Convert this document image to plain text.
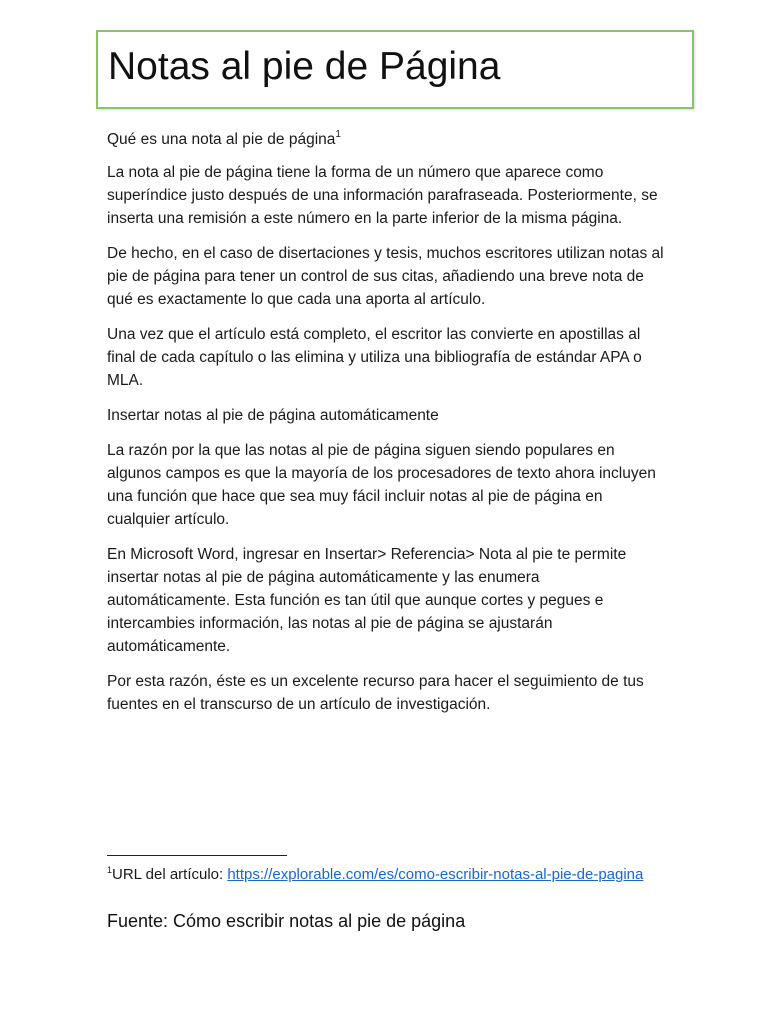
Notas al pie de Página

Qué es una nota al pie de página$^1$

La nota al pie de página tiene la forma de un número que aparece como superíndice justo después de una información parafraseada. Posteriormente, se inserta una remisión a este número en la parte inferior de la misma página.

De hecho, en el caso de disertaciones y tesis, muchos escritores utilizan notas al pie de página para tener un control de sus citas, añadiendo una breve nota de qué es exactamente lo que cada una aporta al artículo.

Una vez que el artículo está completo, el escritor las convierte en apostillas al final de cada capítulo o las elimina y utiliza una bibliografía de estándar APA o MLA.

Insertar notas al pie de página automáticamente

La razón por la que las notas al pie de página siguen siendo populares en algunos campos es que la mayoría de los procesadores de texto ahora incluyen una función que hace que sea muy fácil incluir notas al pie de página en cualquier artículo.

En Microsoft Word, ingresar en Insertar> Referencia> Nota al pie te permite insertar notas al pie de página automáticamente y las enumera automáticamente. Esta función es tan útil que aunque cortes y pegues e intercambies información, las notas al pie de página se ajustarán automáticamente.

Por esta razón, éste es un excelente recurso para hacer el seguimiento de tus fuentes en el transcurso de un artículo de investigación.

$^1$URL del artículo: https://explorable.com/es/como-escribir-notas-al-pie-de-pagina
Fuente: Cómo escribir notas al pie de página
